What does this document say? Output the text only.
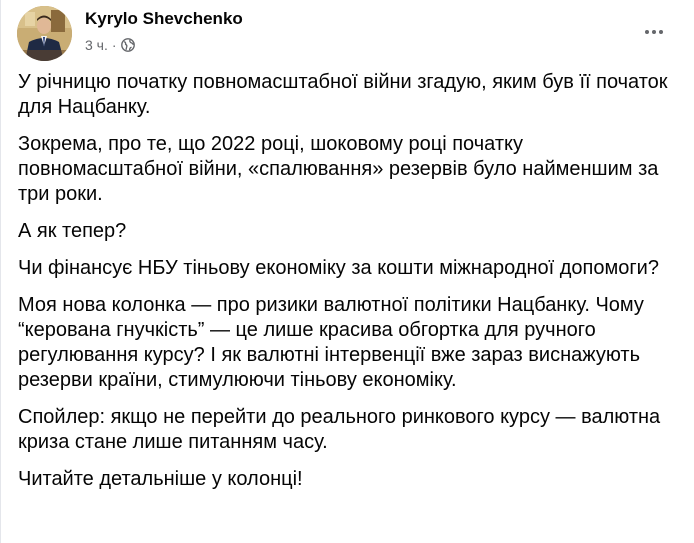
Kyrylo Shevchenko
3 ч. ·

У річницю початку повномасштабної війни згадую, яким був її початок для Нацбанку.

Зокрема, про те, що 2022 році, шоковому році початку повномасштабної війни, «спалювання» резервів було найменшим за три роки.

А як тепер?

Чи фінансує НБУ тіньову економіку за кошти міжнародної допомоги?

Моя нова колонка — про ризики валютної політики Нацбанку. Чому “керована гнучкість” — це лише красива обгортка для ручного регулювання курсу? І як валютні інтервенції вже зараз виснажують резерви країни, стимулюючи тіньову економіку.

Спойлер: якщо не перейти до реального ринкового курсу — валютна криза стане лише питанням часу.

Читайте детальніше у колонці!
